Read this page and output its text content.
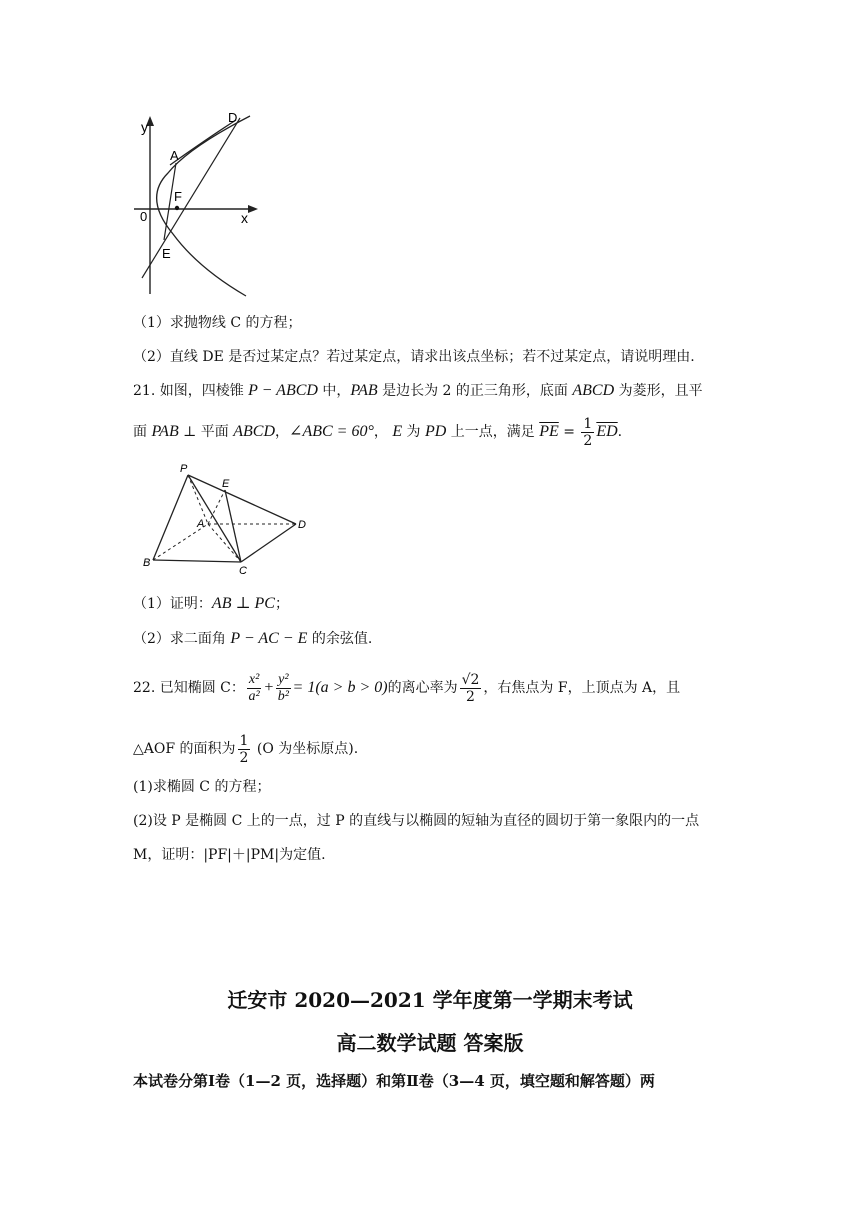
y
x
0
A
D
F
E
（1）求抛物线 C 的方程；
（2）直线 DE 是否过某定点？若过某定点，请求出该点坐标；若不过某定点，请说明理由.
21. 如图，四棱锥 P − ABCD 中，PAB 是边长为 2 的正三角形，底面 ABCD 为菱形，且平
面 PAB ⊥ 平面 ABCD，∠ABC = 60°， E 为 PD 上一点，满足 $\overline{PE} = \frac{1}{2} \overline{ED}$.
P
E
A	D
B
C
（1）证明：AB ⊥ PC；
（2）求二面角 P − AC − E 的余弦值.
22. 已知椭圆 C： $\frac{\text{x²}}{\text{a²}} + \frac{\text{y²}}{\text{b²}} = 1(a > b > 0)$的离心率为 $\frac{√2}{2}$ ，右焦点为 F，上顶点为 A，且
△AOF 的面积为 $\frac{1}{2} (O$ 为坐标原点).
(1)求椭圆 C 的方程；
(2)设 P 是椭圆 C 上的一点，过 P 的直线与以椭圆的短轴为直径的圆切于第一象限内的一点
M，证明：|PF|＋|PM|为定值.
迁安市 2020—2021 学年度第一学期末考试
高二数学试题 答案版
本试卷分第Ⅰ卷（1—2 页，选择题）和第Ⅱ卷（3—4 页，填空题和解答题）两
